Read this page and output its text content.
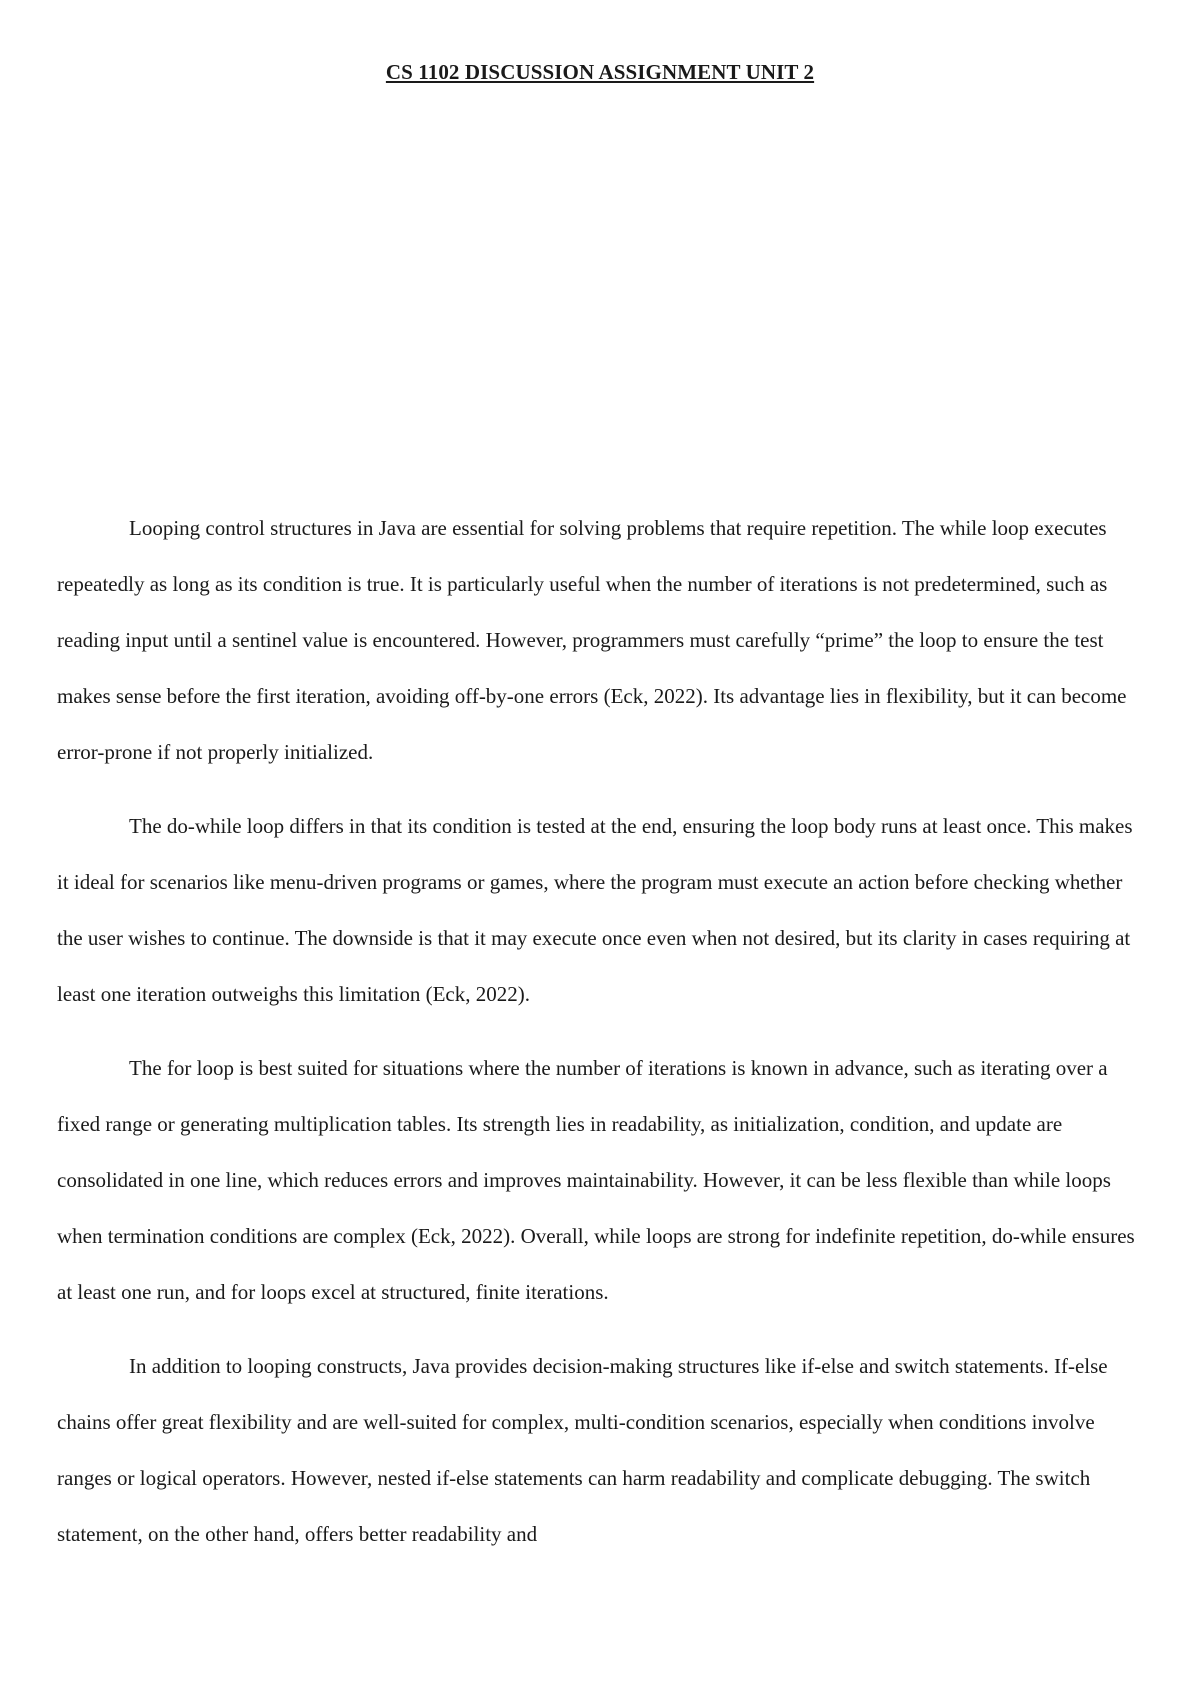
CS 1102 DISCUSSION ASSIGNMENT UNIT 2

Looping control structures in Java are essential for solving problems that require repetition. The while loop executes repeatedly as long as its condition is true. It is particularly useful when the number of iterations is not predetermined, such as reading input until a sentinel value is encountered. However, programmers must carefully “prime” the loop to ensure the test makes sense before the first iteration, avoiding off-by-one errors (Eck, 2022). Its advantage lies in flexibility, but it can become error-prone if not properly initialized.

The do-while loop differs in that its condition is tested at the end, ensuring the loop body runs at least once. This makes it ideal for scenarios like menu-driven programs or games, where the program must execute an action before checking whether the user wishes to continue. The downside is that it may execute once even when not desired, but its clarity in cases requiring at least one iteration outweighs this limitation (Eck, 2022).

The for loop is best suited for situations where the number of iterations is known in advance, such as iterating over a fixed range or generating multiplication tables. Its strength lies in readability, as initialization, condition, and update are consolidated in one line, which reduces errors and improves maintainability. However, it can be less flexible than while loops when termination conditions are complex (Eck, 2022). Overall, while loops are strong for indefinite repetition, do-while ensures at least one run, and for loops excel at structured, finite iterations.

In addition to looping constructs, Java provides decision-making structures like if-else and switch statements. If-else chains offer great flexibility and are well-suited for complex, multi-condition scenarios, especially when conditions involve ranges or logical operators. However, nested if-else statements can harm readability and complicate debugging. The switch statement, on the other hand, offers better readability and
